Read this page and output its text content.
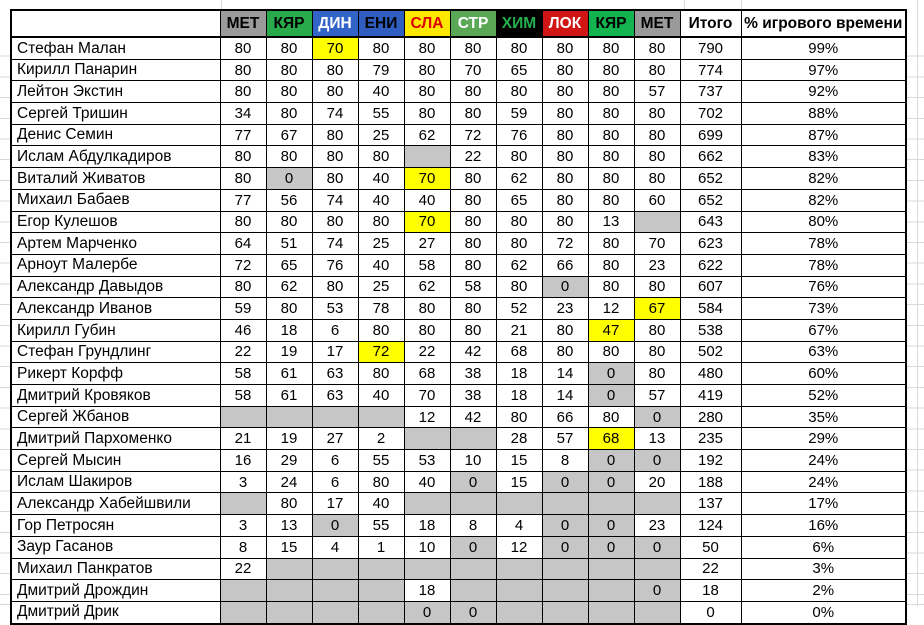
	МЕТ	КЯР	ДИН	ЕНИ	СЛА	СТР	ХИМ	ЛОК	КЯР	МЕТ	Итого	% игрового времени
Стефан Малан	80	80	70	80	80	80	80	80	80	80	790	99%
Кирилл Панарин	80	80	80	79	80	70	65	80	80	80	774	97%
Лейтон Экстин	80	80	80	40	80	80	80	80	80	57	737	92%
Сергей Тришин	34	80	74	55	80	80	59	80	80	80	702	88%
Денис Семин	77	67	80	25	62	72	76	80	80	80	699	87%
Ислам Абдулкадиров	80	80	80	80		22	80	80	80	80	662	83%
Виталий Живатов	80	0	80	40	70	80	62	80	80	80	652	82%
Михаил Бабаев	77	56	74	40	40	80	65	80	80	60	652	82%
Егор Кулешов	80	80	80	80	70	80	80	80	13		643	80%
Артем Марченко	64	51	74	25	27	80	80	72	80	70	623	78%
Арноут Малербе	72	65	76	40	58	80	62	66	80	23	622	78%
Александр Давыдов	80	62	80	25	62	58	80	0	80	80	607	76%
Александр Иванов	59	80	53	78	80	80	52	23	12	67	584	73%
Кирилл Губин	46	18	6	80	80	80	21	80	47	80	538	67%
Стефан Грундлинг	22	19	17	72	22	42	68	80	80	80	502	63%
Рикерт Корфф	58	61	63	80	68	38	18	14	0	80	480	60%
Дмитрий Кровяков	58	61	63	40	70	38	18	14	0	57	419	52%
Сергей Жбанов					12	42	80	66	80	0	280	35%
Дмитрий Пархоменко	21	19	27	2			28	57	68	13	235	29%
Сергей Мысин	16	29	6	55	53	10	15	8	0	0	192	24%
Ислам Шакиров	3	24	6	80	40	0	15	0	0	20	188	24%
Александр Хабейшвили		80	17	40							137	17%
Гор Петросян	3	13	0	55	18	8	4	0	0	23	124	16%
Заур Гасанов	8	15	4	1	10	0	12	0	0	0	50	6%
Михаил Панкратов	22										22	3%
Дмитрий Дрождин					18					0	18	2%
Дмитрий Дрик					0	0					0	0%
